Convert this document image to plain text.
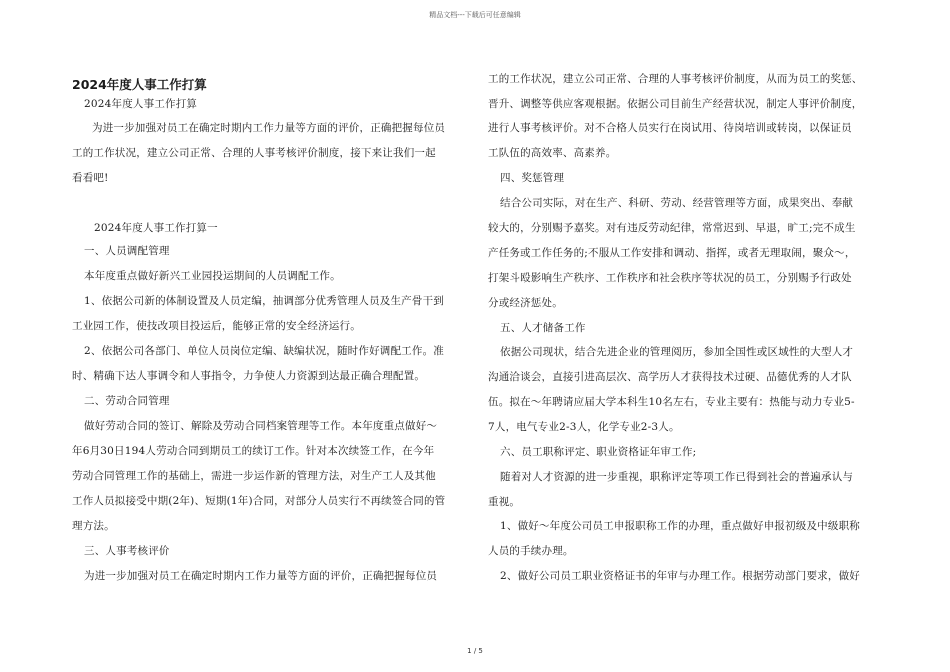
精品文档---下载后可任意编辑
2024年度人事工作打算
2024年度人事工作打算
为进一步加强对员工在确定时期内工作力量等方面的评价，正确把握每位员
工的工作状况，建立公司正常、合理的人事考核评价制度，接下来让我们一起
看看吧!
2024年度人事工作打算一
一、人员调配管理
本年度重点做好新兴工业园投运期间的人员调配工作。
1、依据公司新的体制设置及人员定编，抽调部分优秀管理人员及生产骨干到
工业园工作，使技改项目投运后，能够正常的安全经济运行。
2、依据公司各部门、单位人员岗位定编、缺编状况，随时作好调配工作。准
时、精确下达人事调令和人事指令，力争使人力资源到达最正确合理配置。
二、劳动合同管理
做好劳动合同的签订、解除及劳动合同档案管理等工作。本年度重点做好～
年6月30日194人劳动合同到期员工的续订工作。针对本次续签工作，在今年
劳动合同管理工作的基础上，需进一步运作新的管理方法，对生产工人及其他
工作人员拟接受中期(2年)、短期(1年)合同，对部分人员实行不再续签合同的管
理方法。
三、人事考核评价
为进一步加强对员工在确定时期内工作力量等方面的评价，正确把握每位员
工的工作状况，建立公司正常、合理的人事考核评价制度，从而为员工的奖惩、
晋升、调整等供应客观根据。依据公司目前生产经营状况，制定人事评价制度，
进行人事考核评价。对不合格人员实行在岗试用、待岗培训或转岗，以保证员
工队伍的高效率、高素养。
四、奖惩管理
结合公司实际，对在生产、科研、劳动、经营管理等方面，成果突出、奉献
较大的，分别赐予嘉奖。对有违反劳动纪律，常常迟到、早退，旷工;完不成生
产任务或工作任务的;不服从工作安排和调动、指挥，或者无理取闹，聚众～，
打架斗殴影响生产秩序、工作秩序和社会秩序等状况的员工，分别赐予行政处
分或经济惩处。
五、人才储备工作
依据公司现状，结合先进企业的管理阅历，参加全国性或区域性的大型人才
沟通洽谈会，直接引进高层次、高学历人才获得技术过硬、品德优秀的人才队
伍。拟在～年聘请应届大学本科生10名左右，专业主要有：热能与动力专业5-
7人，电气专业2-3人，化学专业2-3人。
六、员工职称评定、职业资格证年审工作;
随着对人才资源的进一步重视，职称评定等项工作已得到社会的普遍承认与
重视。
1、做好～年度公司员工申报职称工作的办理，重点做好申报初级及中级职称
人员的手续办理。
2、做好公司员工职业资格证书的年审与办理工作。根据劳动部门要求，做好
1 / 5
